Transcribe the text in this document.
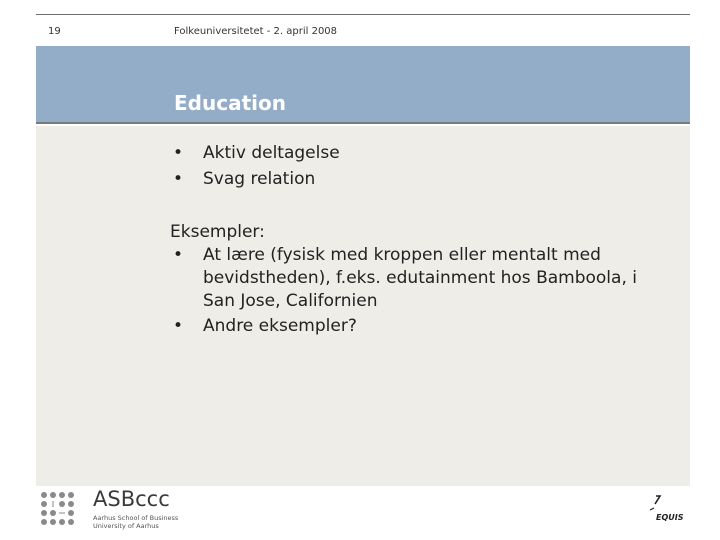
19	Folkeuniversitetet - 2. april 2008
Education
• Aktiv deltagelse
• Svag relation
Eksempler:
• At lære (fysisk med kroppen eller mentalt med bevidstheden), f.eks. edutainment hos Bamboola, i San Jose, Californien
• Andre eksempler?
ASBccc
Aarhus School of Business
University of Aarhus
EQUIS
